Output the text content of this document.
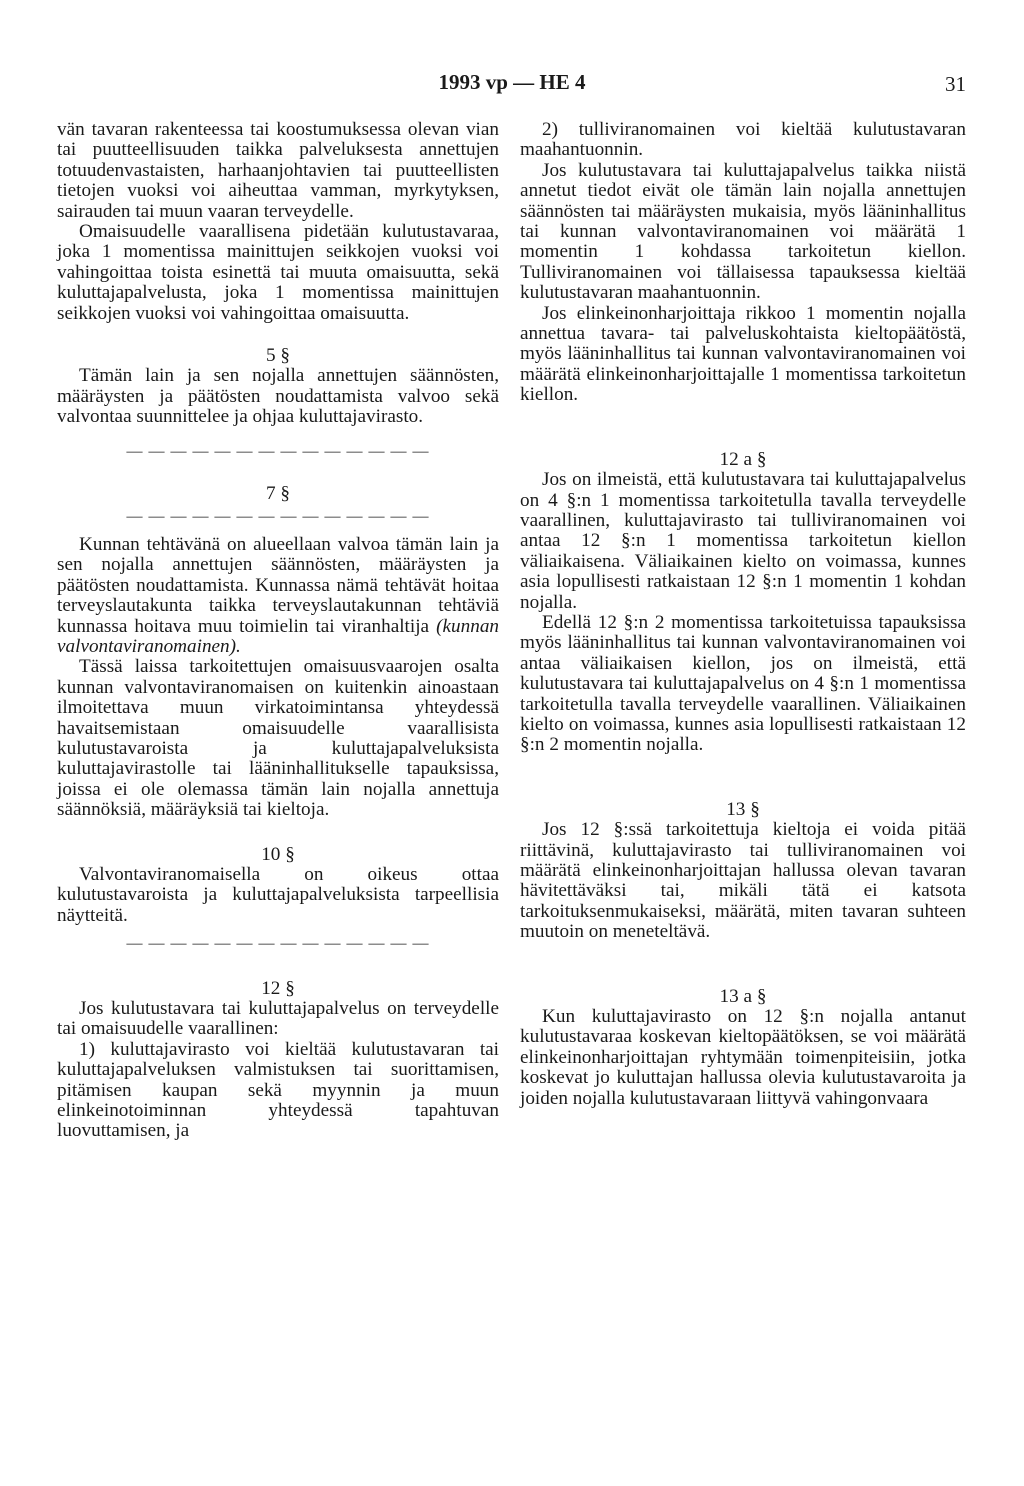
1993 vp — HE 4	31

vän tavaran rakenteessa tai koostumuksessa olevan vian tai puutteellisuuden taikka palveluksesta annettujen totuudenvastaisten, harhaanjohtavien tai puutteellisten tietojen vuoksi voi aiheuttaa vamman, myrkytyksen, sairauden tai muun vaaran terveydelle.

Omaisuudelle vaarallisena pidetään kulutustavaraa, joka 1 momentissa mainittujen seikkojen vuoksi voi vahingoittaa toista esinettä tai muuta omaisuutta, sekä kuluttajapalvelusta, joka 1 momentissa mainittujen seikkojen vuoksi voi vahingoittaa omaisuutta.

5 §

Tämän lain ja sen nojalla annettujen säännösten, määräysten ja päätösten noudattamista valvoo sekä valvontaa suunnittelee ja ohjaa kuluttajavirasto.

— — — — — — — — — — — — — —

7 §

— — — — — — — — — — — — — —

Kunnan tehtävänä on alueellaan valvoa tämän lain ja sen nojalla annettujen säännösten, määräysten ja päätösten noudattamista. Kunnassa nämä tehtävät hoitaa terveyslautakunta taikka terveyslautakunnan tehtäviä kunnassa hoitava muu toimielin tai viranhaltija (kunnan valvontaviranomainen).

Tässä laissa tarkoitettujen omaisuusvaarojen osalta kunnan valvontaviranomaisen on kuitenkin ainoastaan ilmoitettava muun virkatoimintansa yhteydessä havaitsemistaan omaisuudelle vaarallisista kulutustavaroista ja kuluttajapalveluksista kuluttajavirastolle tai lääninhallitukselle tapauksissa, joissa ei ole olemassa tämän lain nojalla annettuja säännöksiä, määräyksiä tai kieltoja.

10 §

Valvontaviranomaisella on oikeus ottaa kulutustavaroista ja kuluttajapalveluksista tarpeellisia näytteitä.

— — — — — — — — — — — — — —

12 §

Jos kulutustavara tai kuluttajapalvelus on terveydelle tai omaisuudelle vaarallinen:

1) kuluttajavirasto voi kieltää kulutustavaran tai kuluttajapalveluksen valmistuksen tai suorittamisen, pitämisen kaupan sekä myynnin ja muun elinkeinotoiminnan yhteydessä tapahtuvan luovuttamisen, ja

2) tulliviranomainen voi kieltää kulutustavaran maahantuonnin.

Jos kulutustavara tai kuluttajapalvelus taikka niistä annetut tiedot eivät ole tämän lain nojalla annettujen säännösten tai määräysten mukaisia, myös lääninhallitus tai kunnan valvontaviranomainen voi määrätä 1 momentin 1 kohdassa tarkoitetun kiellon. Tulliviranomainen voi tällaisessa tapauksessa kieltää kulutustavaran maahantuonnin.

Jos elinkeinonharjoittaja rikkoo 1 momentin nojalla annettua tavara- tai palveluskohtaista kieltopäätöstä, myös lääninhallitus tai kunnan valvontaviranomainen voi määrätä elinkeinonharjoittajalle 1 momentissa tarkoitetun kiellon.

12 a §

Jos on ilmeistä, että kulutustavara tai kuluttajapalvelus on 4 §:n 1 momentissa tarkoitetulla tavalla terveydelle vaarallinen, kuluttajavirasto tai tulliviranomainen voi antaa 12 §:n 1 momentissa tarkoitetun kiellon väliaikaisena. Väliaikainen kielto on voimassa, kunnes asia lopullisesti ratkaistaan 12 §:n 1 momentin 1 kohdan nojalla.

Edellä 12 §:n 2 momentissa tarkoitetuissa tapauksissa myös lääninhallitus tai kunnan valvontaviranomainen voi antaa väliaikaisen kiellon, jos on ilmeistä, että kulutustavara tai kuluttajapalvelus on 4 §:n 1 momentissa tarkoitetulla tavalla terveydelle vaarallinen. Väliaikainen kielto on voimassa, kunnes asia lopullisesti ratkaistaan 12 §:n 2 momentin nojalla.

13 §

Jos 12 §:ssä tarkoitettuja kieltoja ei voida pitää riittävinä, kuluttajavirasto tai tulliviranomainen voi määrätä elinkeinonharjoittajan hallussa olevan tavaran hävitettäväksi tai, mikäli tätä ei katsota tarkoituksenmukaiseksi, määrätä, miten tavaran suhteen muutoin on meneteltävä.

13 a §

Kun kuluttajavirasto on 12 §:n nojalla antanut kulutustavaraa koskevan kieltopäätöksen, se voi määrätä elinkeinonharjoittajan ryhtymään toimenpiteisiin, jotka koskevat jo kuluttajan hallussa olevia kulutustavaroita ja joiden nojalla kulutustavaraan liittyvä vahingonvaara
